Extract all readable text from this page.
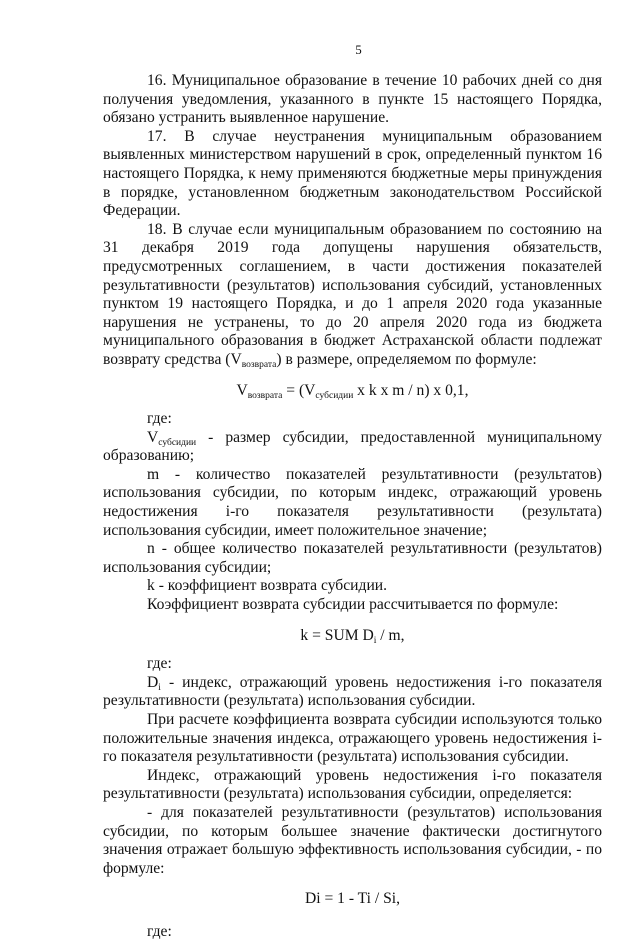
5

16. Муниципальное образование в течение 10 рабочих дней со дня получения уведомления, указанного в пункте 15 настоящего Порядка, обязано устранить выявленное нарушение.

17. В случае неустранения муниципальным образованием выявленных министерством нарушений в срок, определенный пунктом 16 настоящего Порядка, к нему применяются бюджетные меры принуждения в порядке, установленном бюджетным законодательством Российской Федерации.

18. В случае если муниципальным образованием по состоянию на 31 декабря 2019 года допущены нарушения обязательств, предусмотренных соглашением, в части достижения показателей результативности (результатов) использования субсидий, установленных пунктом 19 настоящего Порядка, и до 1 апреля 2020 года указанные нарушения не устранены, то до 20 апреля 2020 года из бюджета муниципального образования в бюджет Астраханской области подлежат возврату средства $(V_{возврата})$ в размере, определяемом по формуле:

$V_{возврата} = (V_{субсидии}$ x k x m / n) x 0,1,

где:

$V_{субсидии}$ - размер субсидии, предоставленной муниципальному образованию;

m - количество показателей результативности (результатов) использования субсидии, по которым индекс, отражающий уровень недостижения i-го показателя результативности (результата) использования субсидии, имеет положительное значение;

n - общее количество показателей результативности (результатов) использования субсидии;

k - коэффициент возврата субсидии.

Коэффициент возврата субсидии рассчитывается по формуле:

k = SUM $D_i$ / m,

где:

$D_i$ - индекс, отражающий уровень недостижения i-го показателя результативности (результата) использования субсидии.

При расчете коэффициента возврата субсидии используются только положительные значения индекса, отражающего уровень недостижения i-го показателя результативности (результата) использования субсидии.

Индекс, отражающий уровень недостижения i-го показателя результативности (результата) использования субсидии, определяется:

- для показателей результативности (результатов) использования субсидии, по которым большее значение фактически достигнутого значения отражает большую эффективность использования субсидии, - по формуле:

Di = 1 - Ti / Si,

где:
